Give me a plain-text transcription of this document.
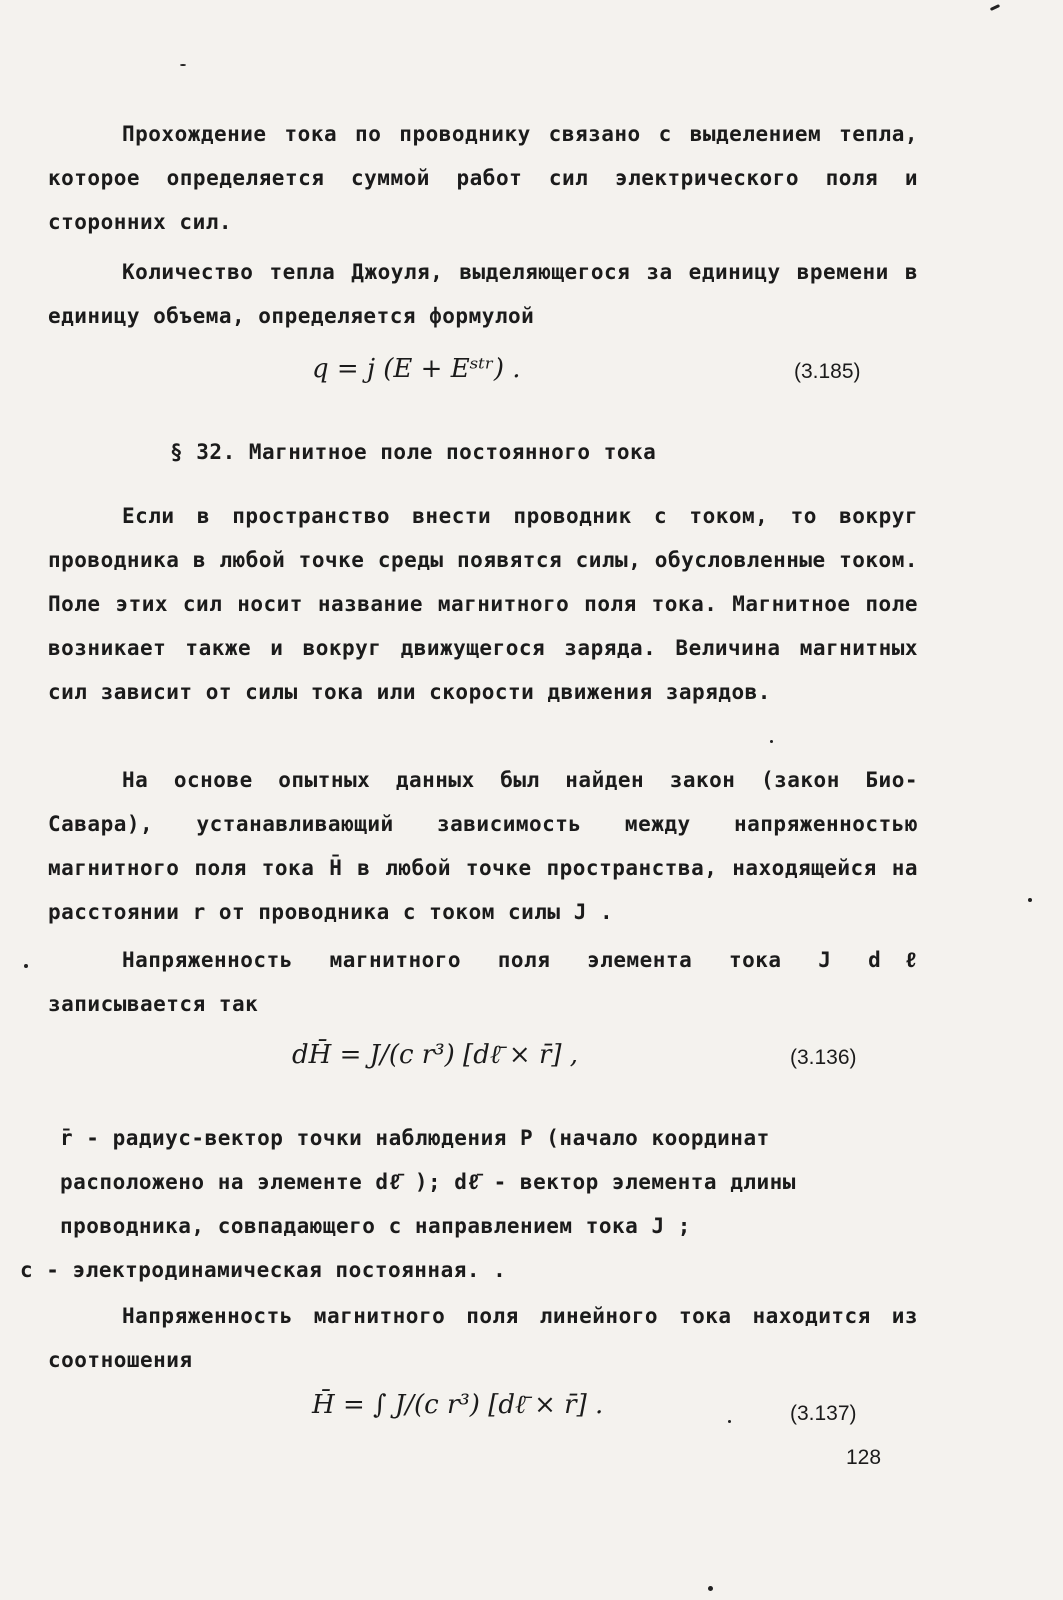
Прохождение тока по проводнику связано с выделением тепла, которое определяется суммой работ сил электрического поля и сторонних сил.

Количество тепла Джоуля, выделяющегося за единицу времени в единицу объема, определяется формулой

q = j (E + Eˢᵗʳ) .	(3.185)
§ 32. Магнитное поле постоянного тока

Если в пространство внести проводник с током, то вокруг проводника в любой точке среды появятся силы, обусловленные током. Поле этих сил носит название магнитного поля тока. Магнитное поле возникает также и вокруг движущегося заряда. Величина магнитных сил зависит от силы тока или скорости движения зарядов.

На основе опытных данных был найден закон (закон Био-Савара), устанавливающий зависимость между напряженностью магнитного поля тока H̄ в любой точке пространства, находящейся на расстоянии r от проводника с током силы J .

Напряженность магнитного поля элемента тока J dℓ записывается так

dH̄ = J/(c r³) [dℓ̄ × r̄] ,	(3.136)
r̄ - радиус-вектор точки наблюдения P (начало координат расположено на элементе dℓ̄ ); dℓ̄ - вектор элемента длины проводника, совпадающего с направлением тока J ;
c - электродинамическая постоянная. .

Напряженность магнитного поля линейного тока находится из соотношения

H̄ = ∫ J/(c r³) [dℓ̄ × r̄] .	(3.137)
128
